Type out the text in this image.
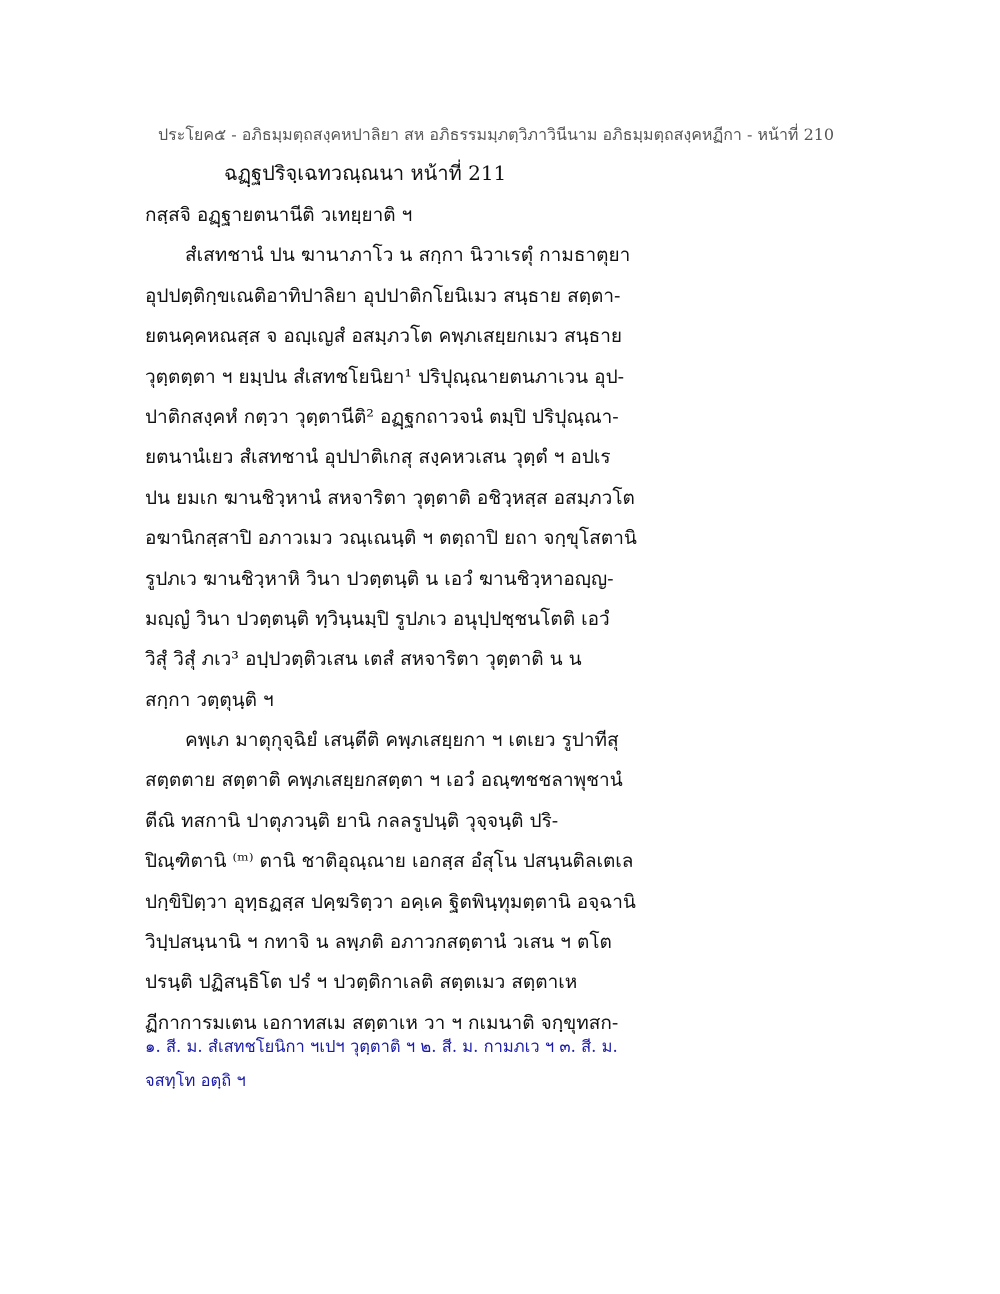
ประโยค๕ - อภิธมฺมตฺถสงฺคหปาลิยา สห อภิธรรมมฺภตฺวิภาวินีนาม อภิธมฺมตฺถสงฺคหฏีกา - หน้าที่ 210
ฉฏฺฐปริจฺเฉทวณฺณนา หน้าที่ 211
กสฺสจิ อฏฺฐายตนานีติ วเทยฺยาติ ฯ
สํเสทชานํ ปน ฆานาภาโว น สกฺกา นิวาเรตุํ กามธาตุยา
อุปปตฺติกฺขเณติอาทิปาลิยา อุปปาติกโยนิเมว สนฺธาย สตฺตา-
ยตนคฺคหณสฺส จ อญฺเญสํ อสมฺภวโต คพฺภเสยฺยกเมว สนฺธาย
วุตฺตตฺตา ฯ ยมฺปน สํเสทชโยนิยา¹ ปริปุณฺณายตนภาเวน อุป-
ปาติกสงฺคหํ กตฺวา วุตฺตานีติ² อฏฺฐกถาวจนํ ตมฺปิ ปริปุณฺณา-
ยตนานํเยว สํเสทชานํ อุปปาติเกสุ สงฺคหวเสน วุตฺตํ ฯ อปเร
ปน ยมเก ฆานชิวฺหานํ สหจาริตา วุตฺตาติ อชิวฺหสฺส อสมฺภวโต
อฆานิกสฺสาปิ อภาวเมว วณฺเณนฺติ ฯ ตตฺถาปิ ยถา จกฺขุโสตานิ
รูปภเว ฆานชิวฺหาหิ วินา ปวตฺตนฺติ น เอวํ ฆานชิวฺหาอญฺญ-
มญฺญํ วินา ปวตฺตนฺติ ทฺวินฺนมฺปิ รูปภเว อนุปฺปชฺชนโตติ เอวํ
วิสุํ วิสุํ ภเว³ อปฺปวตฺติวเสน เตสํ สหจาริตา วุตฺตาติ น น
สกฺกา วตฺตุนฺติ ฯ
คพฺเภ มาตุกุจฺฉิยํ เสนฺตีติ คพฺภเสยฺยกา ฯ เตเยว รูปาทีสุ
สตฺตตาย สตฺตาติ คพฺภเสยฺยกสตฺตา ฯ เอวํ อณฺฑชชลาพุชานํ
ตีณิ ทสกานิ ปาตุภวนฺติ ยานิ กลลรูปนฺติ วุจฺจนฺติ ปริ-
ปิณฺฑิตานิ ⁽ᵐ⁾ ตานิ ชาติอุณฺณาย เอกสฺส อํสุโน ปสนฺนติลเตเล
ปกฺขิปิตฺวา อุทฺธฏสฺส ปคฺฆริตฺวา อคฺเค ฐิตพินฺทุมตฺตานิ อจฺฉานิ
วิปฺปสนฺนานิ ฯ กทาจิ น ลพฺภติ อภาวกสตฺตานํ วเสน ฯ ตโต
ปรนฺติ ปฏิสนฺธิโต ปรํ ฯ ปวตฺติกาเลติ สตฺตเมว สตฺตาเห
ฏีกาการมเตน เอกาทสเม สตฺตาเห วา ฯ กเมนาติ จกฺขุทสก-
๑. สี. ม. สํเสทชโยนิกา ฯเปฯ วุตฺตาติ ฯ ๒. สี. ม. กามภเว ฯ ๓. สี. ม.
จสทฺโท อตฺถิ ฯ
